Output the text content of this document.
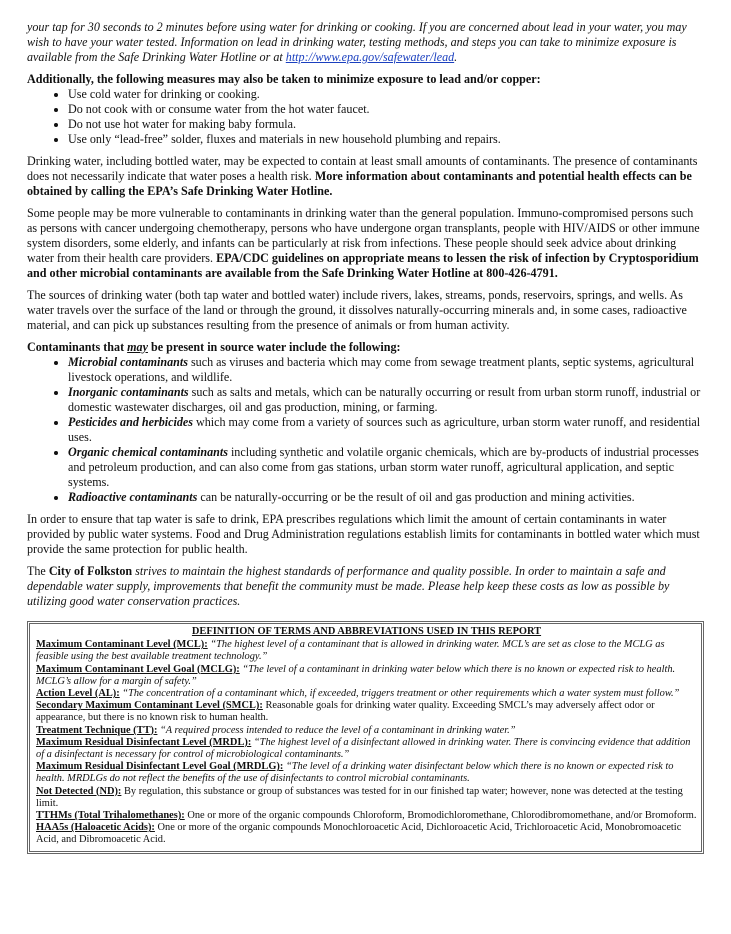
your tap for 30 seconds to 2 minutes before using water for drinking or cooking. If you are concerned about lead in your water, you may wish to have your water tested. Information on lead in drinking water, testing methods, and steps you can take to minimize exposure is available from the Safe Drinking Water Hotline or at http://www.epa.gov/safewater/lead.

Additionally, the following measures may also be taken to minimize exposure to lead and/or copper:

• Use cold water for drinking or cooking.
• Do not cook with or consume water from the hot water faucet.
• Do not use hot water for making baby formula.
• Use only “lead-free” solder, fluxes and materials in new household plumbing and repairs.

Drinking water, including bottled water, may be expected to contain at least small amounts of contaminants. The presence of contaminants does not necessarily indicate that water poses a health risk. More information about contaminants and potential health effects can be obtained by calling the EPA’s Safe Drinking Water Hotline.

Some people may be more vulnerable to contaminants in drinking water than the general population. Immuno-compromised persons such as persons with cancer undergoing chemotherapy, persons who have undergone organ transplants, people with HIV/AIDS or other immune system disorders, some elderly, and infants can be particularly at risk from infections. These people should seek advice about drinking water from their health care providers. EPA/CDC guidelines on appropriate means to lessen the risk of infection by Cryptosporidium and other microbial contaminants are available from the Safe Drinking Water Hotline at 800-426-4791.

The sources of drinking water (both tap water and bottled water) include rivers, lakes, streams, ponds, reservoirs, springs, and wells. As water travels over the surface of the land or through the ground, it dissolves naturally-occurring minerals and, in some cases, radioactive material, and can pick up substances resulting from the presence of animals or from human activity.

Contaminants that may be present in source water include the following:

• Microbial contaminants such as viruses and bacteria which may come from sewage treatment plants, septic systems, agricultural livestock operations, and wildlife.
• Inorganic contaminants such as salts and metals, which can be naturally occurring or result from urban storm runoff, industrial or domestic wastewater discharges, oil and gas production, mining, or farming.
• Pesticides and herbicides which may come from a variety of sources such as agriculture, urban storm water runoff, and residential uses.
• Organic chemical contaminants including synthetic and volatile organic chemicals, which are by-products of industrial processes and petroleum production, and can also come from gas stations, urban storm water runoff, agricultural application, and septic systems.
• Radioactive contaminants can be naturally-occurring or be the result of oil and gas production and mining activities.

In order to ensure that tap water is safe to drink, EPA prescribes regulations which limit the amount of certain contaminants in water provided by public water systems. Food and Drug Administration regulations establish limits for contaminants in bottled water which must provide the same protection for public health.

The City of Folkston strives to maintain the highest standards of performance and quality possible. In order to maintain a safe and dependable water supply, improvements that benefit the community must be made. Please help keep these costs as low as possible by utilizing good water conservation practices.

DEFINITION OF TERMS AND ABBREVIATIONS USED IN THIS REPORT
Maximum Contaminant Level (MCL): “The highest level of a contaminant that is allowed in drinking water. MCL’s are set as close to the MCLG as feasible using the best available treatment technology.”
Maximum Contaminant Level Goal (MCLG): “The level of a contaminant in drinking water below which there is no known or expected risk to health. MCLG’s allow for a margin of safety.”
Action Level (AL): “The concentration of a contaminant which, if exceeded, triggers treatment or other requirements which a water system must follow.”
Secondary Maximum Contaminant Level (SMCL): Reasonable goals for drinking water quality. Exceeding SMCL’s may adversely affect odor or appearance, but there is no known risk to human health.
Treatment Technique (TT): “A required process intended to reduce the level of a contaminant in drinking water.”
Maximum Residual Disinfectant Level (MRDL): “The highest level of a disinfectant allowed in drinking water. There is convincing evidence that addition of a disinfectant is necessary for control of microbiological contaminants.”
Maximum Residual Disinfectant Level Goal (MRDLG): “The level of a drinking water disinfectant below which there is no known or expected risk to health. MRDLGs do not reflect the benefits of the use of disinfectants to control microbial contaminants.
Not Detected (ND): By regulation, this substance or group of substances was tested for in our finished tap water; however, none was detected at the testing limit.
TTHMs (Total Trihalomethanes): One or more of the organic compounds Chloroform, Bromodichloromethane, Chlorodibromomethane, and/or Bromoform.
HAA5s (Haloacetic Acids): One or more of the organic compounds Monochloroacetic Acid, Dichloroacetic Acid, Trichloroacetic Acid, Monobromoacetic Acid, and Dibromoacetic Acid.
